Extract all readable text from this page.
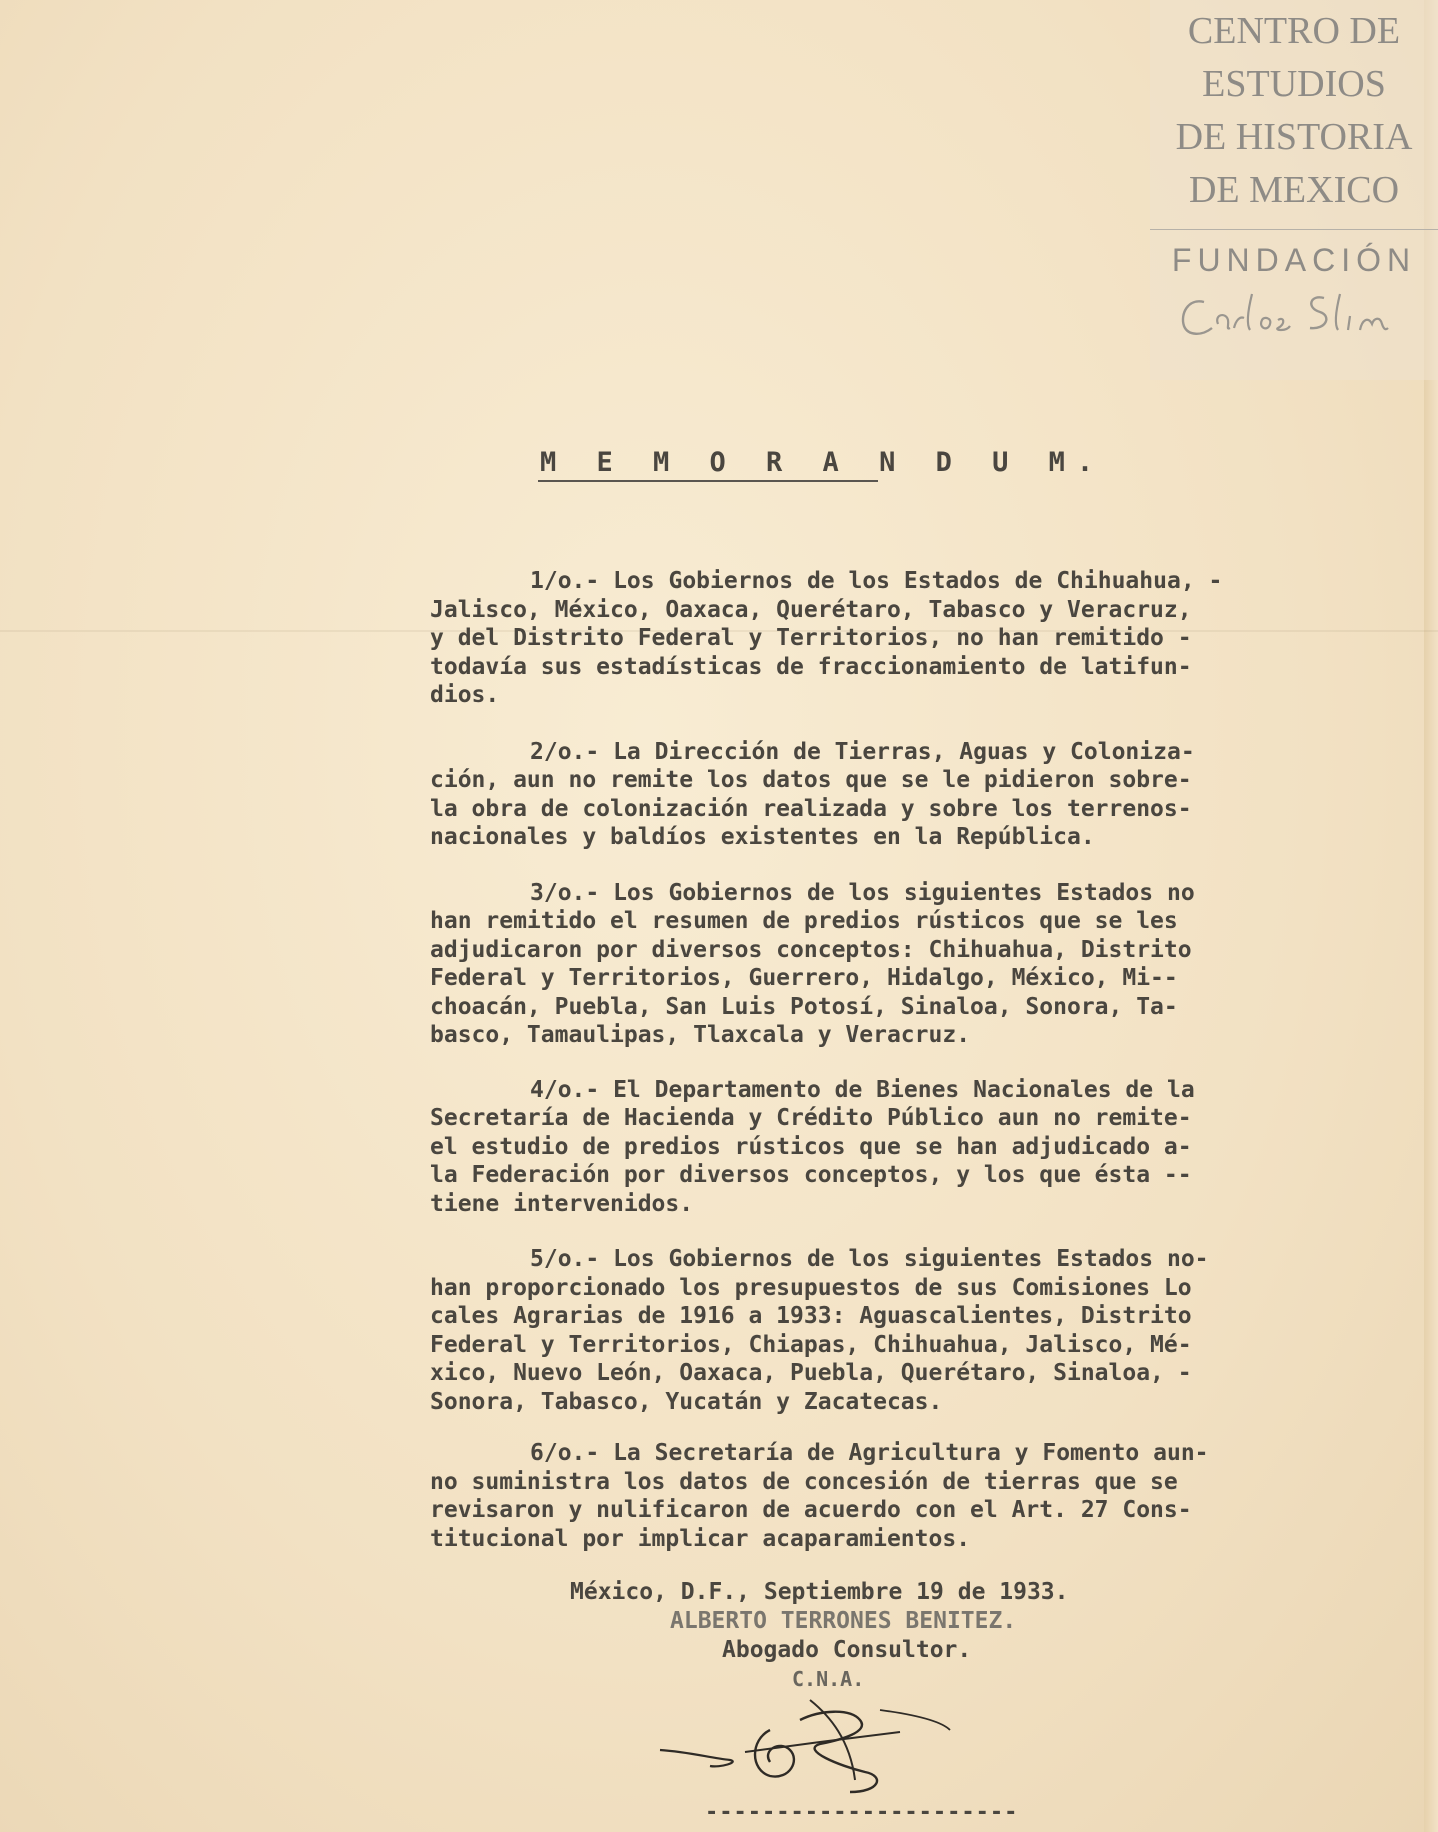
CENTRO DE
ESTUDIOS
DE HISTORIA
DE MEXICO
FUNDACIÓN
M E M O R A N D U M.
1/o.- Los Gobiernos de los Estados de Chihuahua, -
Jalisco, México, Oaxaca, Querétaro, Tabasco y Veracruz,
y del Distrito Federal y Territorios, no han remitido -
todavía sus estadísticas de fraccionamiento de latifun-
dios.
2/o.- La Dirección de Tierras, Aguas y Coloniza-
ción, aun no remite los datos que se le pidieron sobre-
la obra de colonización realizada y sobre los terrenos-
nacionales y baldíos existentes en la República.
3/o.- Los Gobiernos de los siguientes Estados no
han remitido el resumen de predios rústicos que se les
adjudicaron por diversos conceptos: Chihuahua, Distrito
Federal y Territorios, Guerrero, Hidalgo, México, Mi--
choacán, Puebla, San Luis Potosí, Sinaloa, Sonora, Ta-
basco, Tamaulipas, Tlaxcala y Veracruz.
4/o.- El Departamento de Bienes Nacionales de la
Secretaría de Hacienda y Crédito Público aun no remite-
el estudio de predios rústicos que se han adjudicado a-
la Federación por diversos conceptos, y los que ésta --
tiene intervenidos.
5/o.- Los Gobiernos de los siguientes Estados no-
han proporcionado los presupuestos de sus Comisiones Lo
cales Agrarias de 1916 a 1933: Aguascalientes, Distrito
Federal y Territorios, Chiapas, Chihuahua, Jalisco, Mé-
xico, Nuevo León, Oaxaca, Puebla, Querétaro, Sinaloa, -
Sonora, Tabasco, Yucatán y Zacatecas.
6/o.- La Secretaría de Agricultura y Fomento aun-
no suministra los datos de concesión de tierras que se
revisaron y nulificaron de acuerdo con el Art. 27 Cons-
titucional por implicar acaparamientos.
México, D.F., Septiembre 19 de 1933.
ALBERTO TERRONES BENITEZ.
Abogado Consultor.
C.N.A.
----------------------
